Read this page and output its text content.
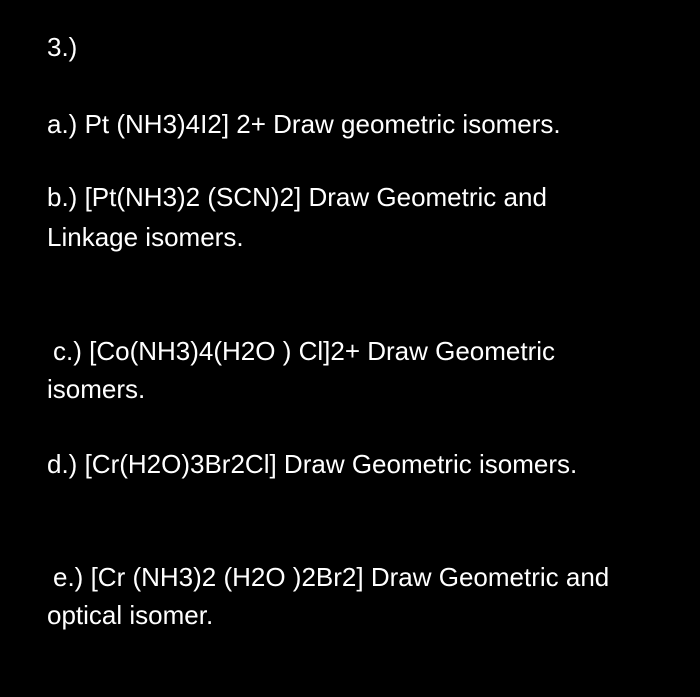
3.)
a.) Pt (NH3)4I2] 2+ Draw geometric isomers.
b.) [Pt(NH3)2 (SCN)2] Draw Geometric and
Linkage isomers.
c.) [Co(NH3)4(H2O ) Cl]2+ Draw Geometric
isomers.
d.) [Cr(H2O)3Br2Cl] Draw Geometric isomers.
e.) [Cr (NH3)2 (H2O )2Br2] Draw Geometric and
optical isomer.
